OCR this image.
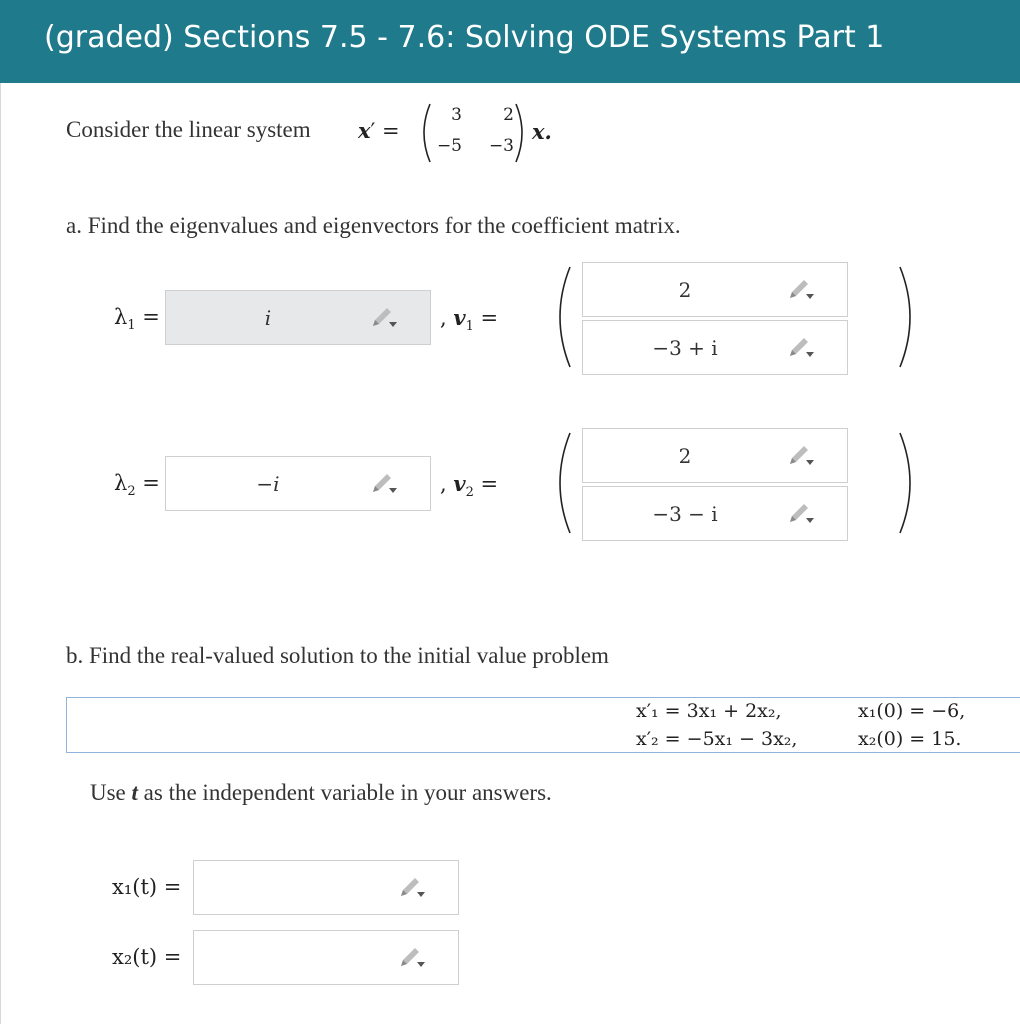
(graded) Sections 7.5 - 7.6: Solving ODE Systems Part 1
Consider the linear system x′ =
3	2
−5	−3
x.
a. Find the eigenvalues and eigenvectors for the coefficient matrix.
$\lambda_1$ =	i	, $v_1$ =
2
−3 + i
$\lambda_2$ =	−i	, $v_2$ =
2
−3 − i
b. Find the real-valued solution to the initial value problem
x′₁ = 3x₁ + 2x₂,	x₁(0) = −6,
x′₂ = −5x₁ − 3x₂,	x₂(0) = 15.
Use t as the independent variable in your answers.
x₁(t) =
x₂(t) =
